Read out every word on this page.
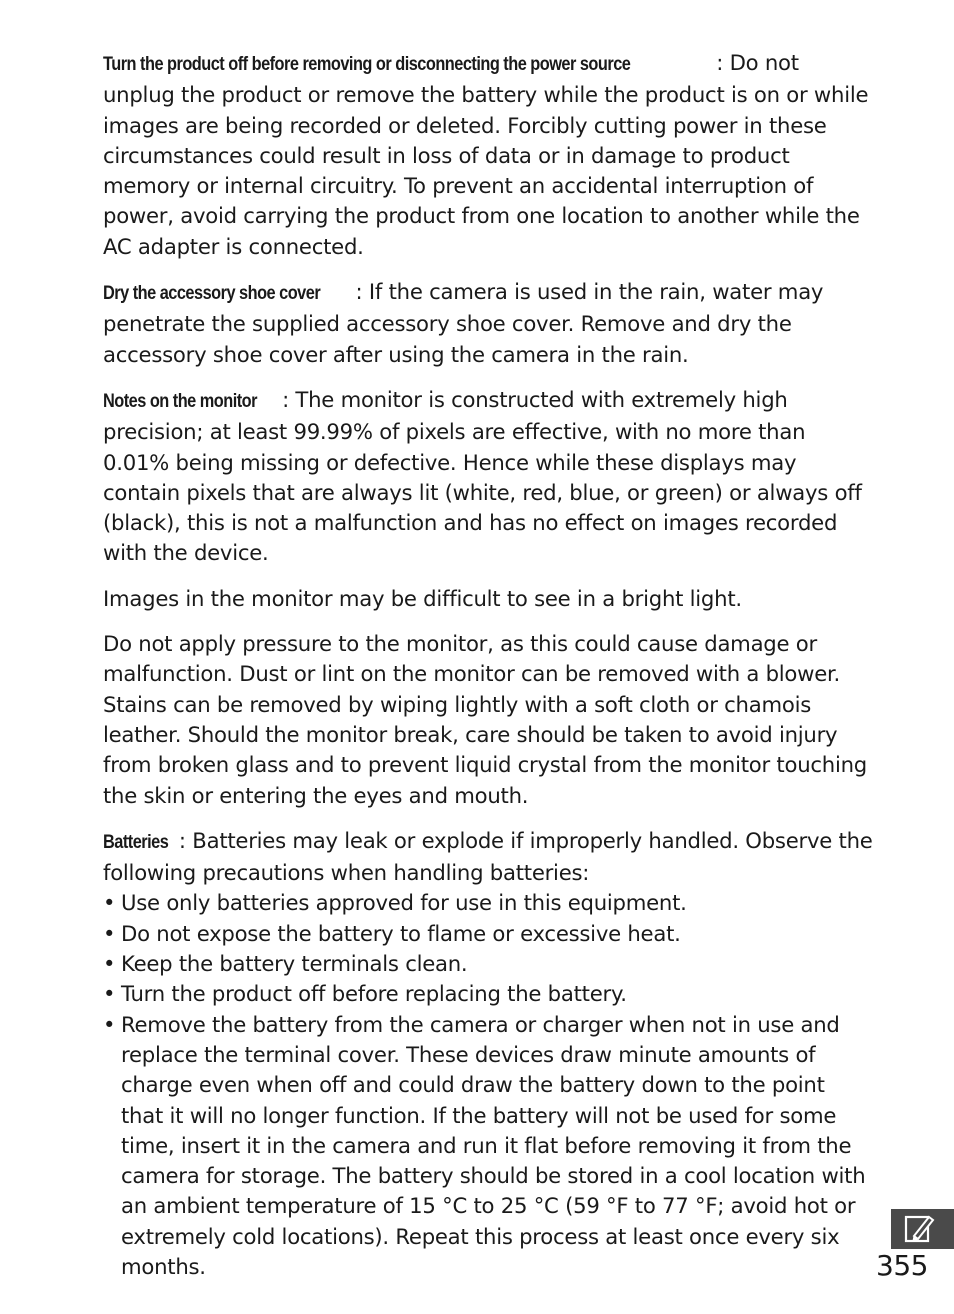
Turn the product off before removing or disconnecting the power source	: Do not unplug the product or remove the battery while the product is on or while images are being recorded or deleted. Forcibly cutting power in these circumstances could result in loss of data or in damage to product memory or internal circuitry. To prevent an accidental interruption of power, avoid carrying the product from one location to another while the AC adapter is connected.

Dry the accessory shoe cover : If the camera is used in the rain, water may penetrate the supplied accessory shoe cover. Remove and dry the accessory shoe cover after using the camera in the rain.

Notes on the monitor : The monitor is constructed with extremely high precision; at least 99.99% of pixels are effective, with no more than 0.01% being missing or defective. Hence while these displays may contain pixels that are always lit (white, red, blue, or green) or always off (black), this is not a malfunction and has no effect on images recorded with the device.

Images in the monitor may be difficult to see in a bright light.

Do not apply pressure to the monitor, as this could cause damage or malfunction. Dust or lint on the monitor can be removed with a blower. Stains can be removed by wiping lightly with a soft cloth or chamois leather. Should the monitor break, care should be taken to avoid injury from broken glass and to prevent liquid crystal from the monitor touching the skin or entering the eyes and mouth.

Batteries : Batteries may leak or explode if improperly handled. Observe the following precautions when handling batteries:

• Use only batteries approved for use in this equipment.
• Do not expose the battery to flame or excessive heat.
• Keep the battery terminals clean.
• Turn the product off before replacing the battery.
• Remove the battery from the camera or charger when not in use and replace the terminal cover. These devices draw minute amounts of charge even when off and could draw the battery down to the point that it will no longer function. If the battery will not be used for some time, insert it in the camera and run it flat before removing it from the camera for storage. The battery should be stored in a cool location with an ambient temperature of 15 °C to 25 °C (59 °F to 77 °F; avoid hot or extremely cold locations). Repeat this process at least once every six months.	355
